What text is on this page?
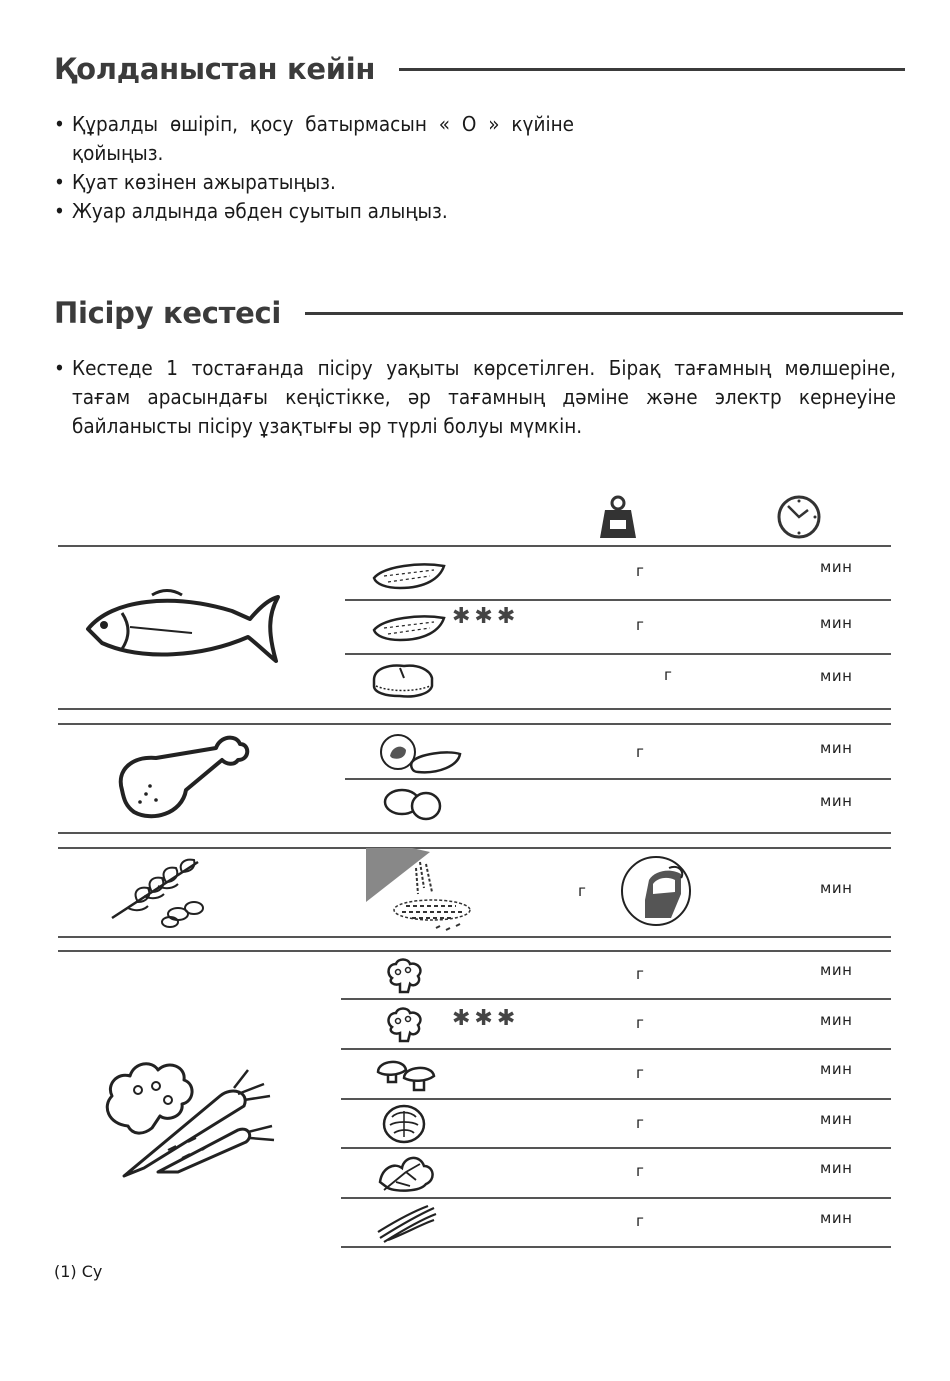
Қолданыстан кейін
• Құралды өшіріп, қосу батырмасын « O » күйіне қойыңыз.
• Қуат көзінен ажыратыңыз.
• Жуар алдында әбден суытып алыңыз.
Пісіру кестесі
• Кестеде 1 тостағанда пісіру уақыты көрсетілген. Бірақ тағамның мөлшеріне, тағам арасындағы кеңістікке, әр тағамның дәміне және электр кернеуіне байланысты пісіру ұзақтығы әр түрлі болуы мүмкін.
г	мин
✱✱✱	г	мин
г	мин
г	мин
мин
г	мин
г	мин
✱✱✱	г	мин
г	мин
г	мин
г	мин
г	мин
(1) Су
